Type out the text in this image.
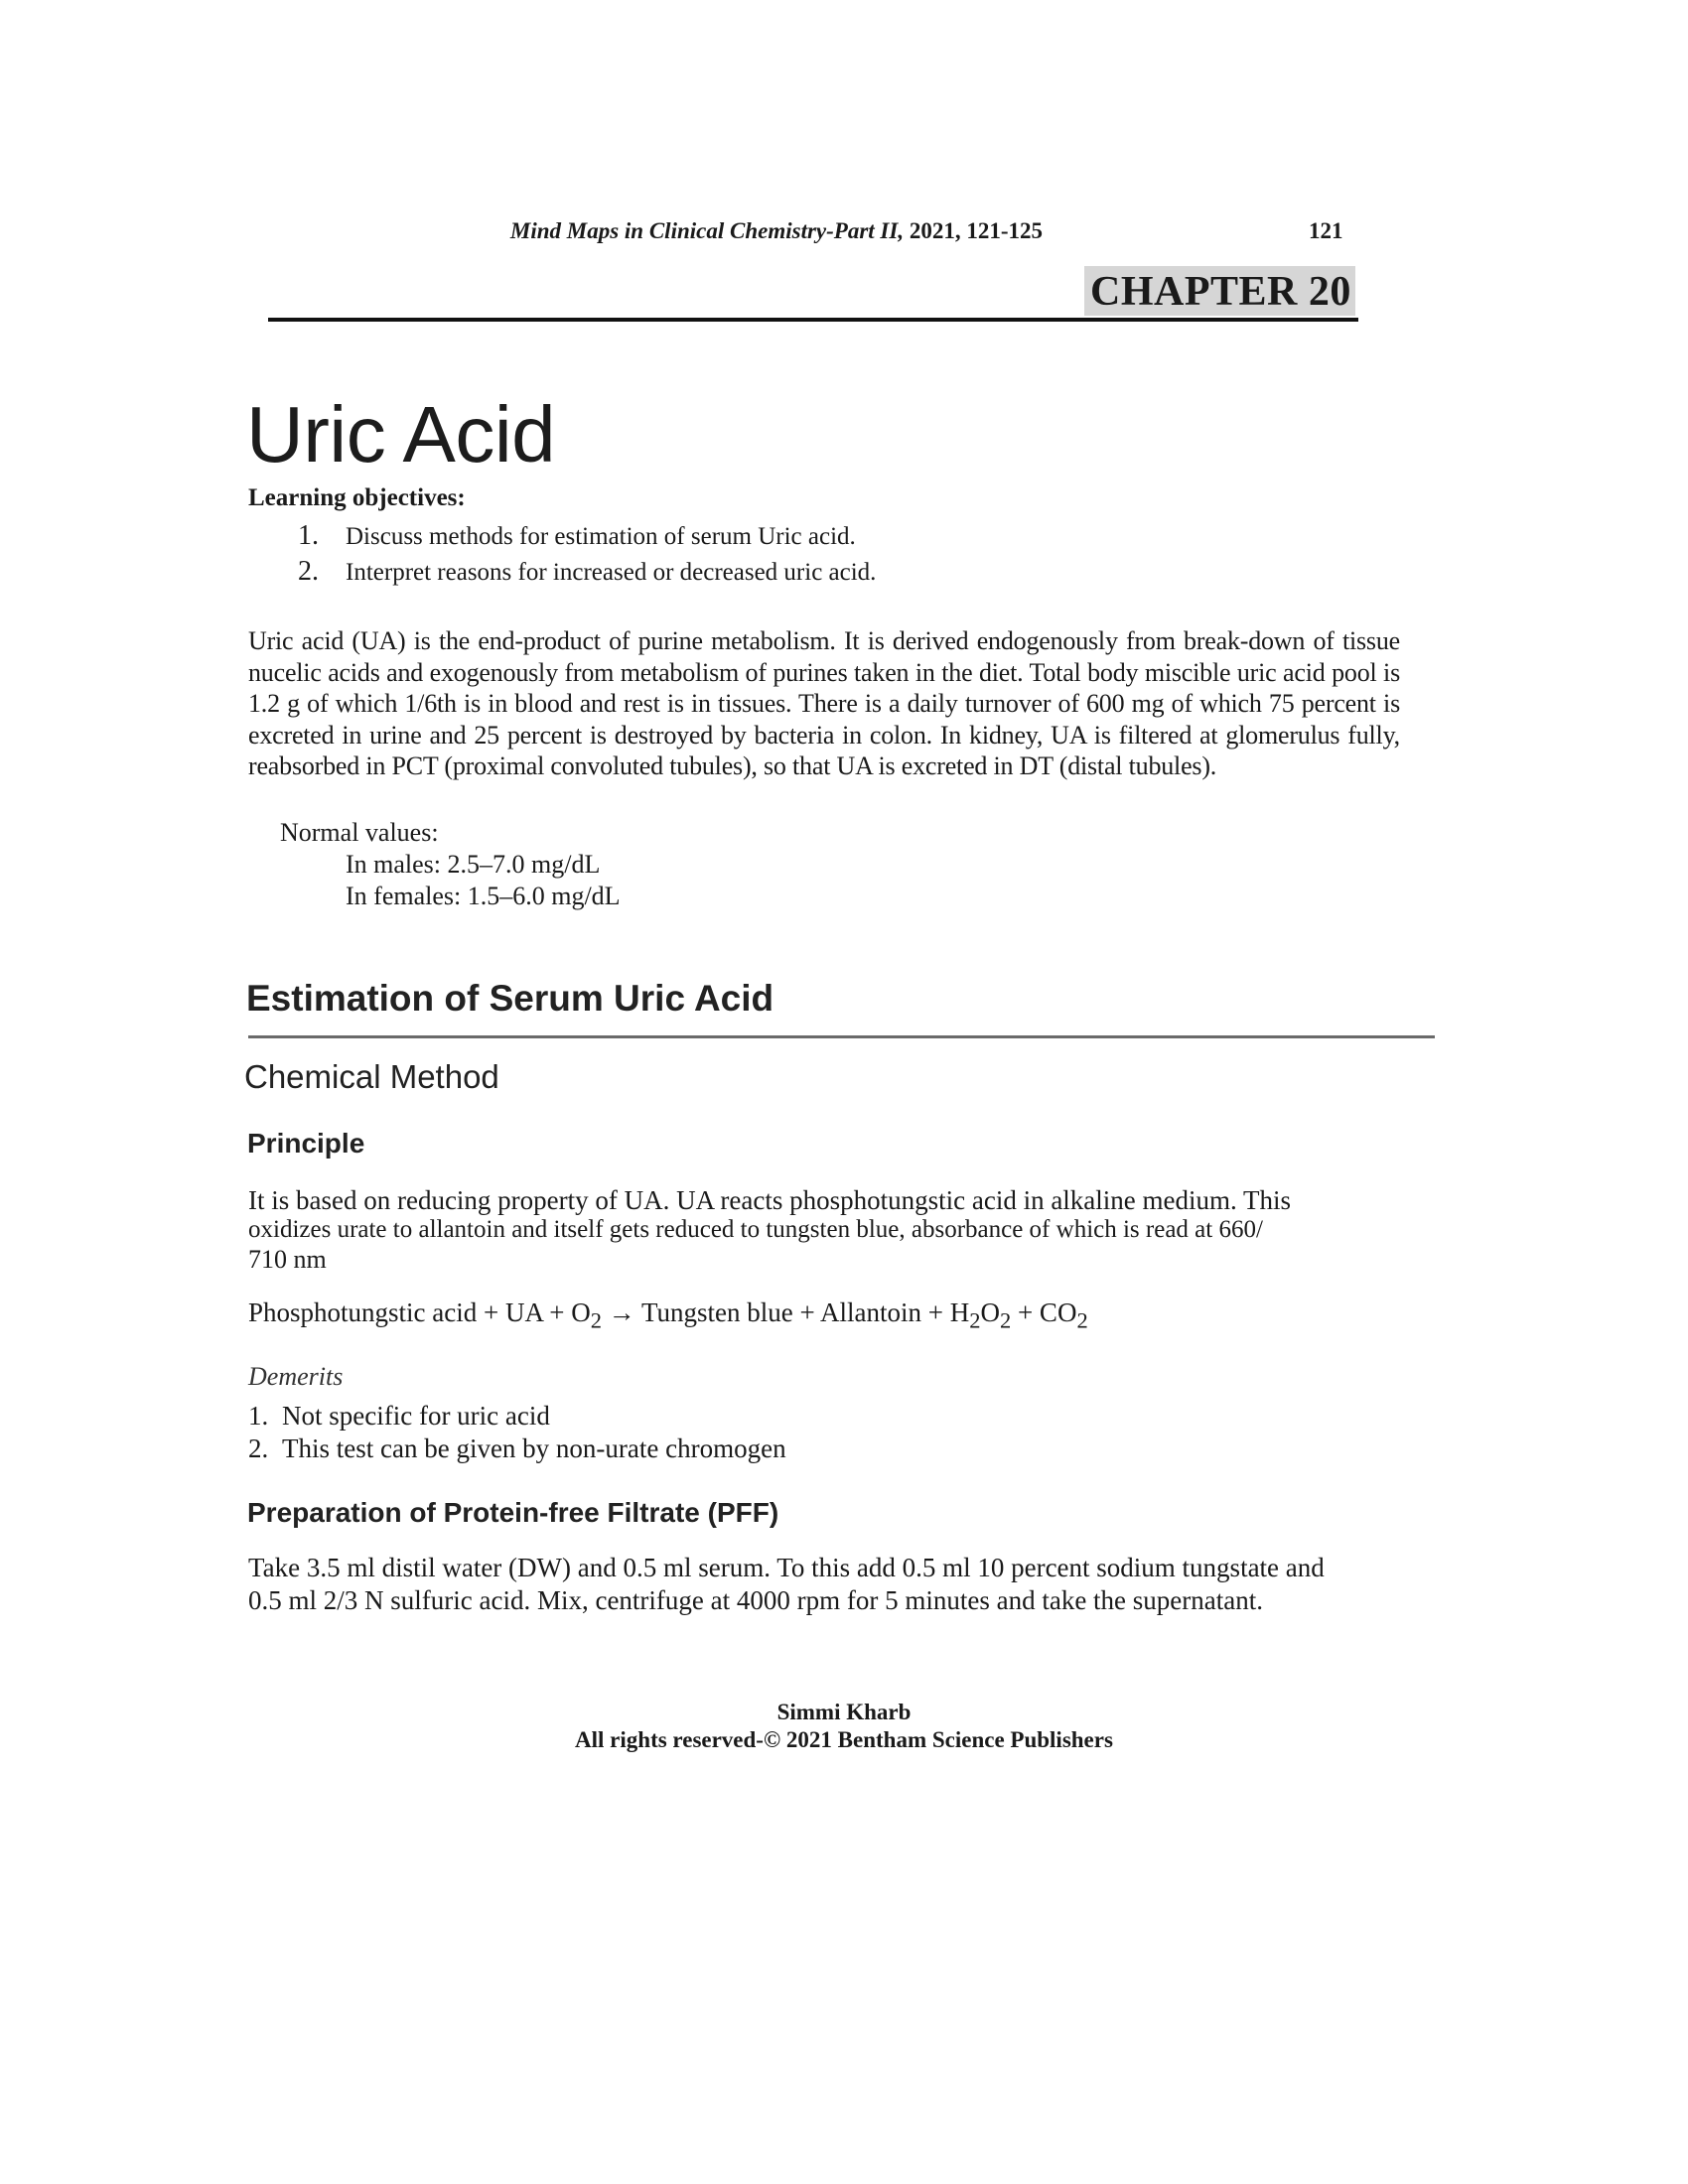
Mind Maps in Clinical Chemistry-Part II, 2021, 121-125	121
CHAPTER 20
Uric Acid
Learning objectives:
1. Discuss methods for estimation of serum Uric acid.
2. Interpret reasons for increased or decreased uric acid.
Uric acid (UA) is the end-product of purine metabolism. It is derived endogenously from break-down of tissue nucelic acids and exogenously from metabolism of purines taken in the diet. Total body miscible uric acid pool is 1.2 g of which 1/6th is in blood and rest is in tissues. There is a daily turnover of 600 mg of which 75 percent is excreted in urine and 25 percent is destroyed by bacteria in colon. In kidney, UA is filtered at glomerulus fully, reabsorbed in PCT (proximal convoluted tubules), so that UA is excreted in DT (distal tubules).
Normal values:
In males: 2.5–7.0 mg/dL
In females: 1.5–6.0 mg/dL
Estimation of Serum Uric Acid
Chemical Method
Principle
It is based on reducing property of UA. UA reacts phosphotungstic acid in alkaline medium. This
oxidizes urate to allantoin and itself gets reduced to tungsten blue, absorbance of which is read at 660/
710 nm
Phosphotungstic acid + UA + $O_2$ → Tungsten blue + Allantoin + $H_2O_2 + CO_2$
Demerits
1. Not specific for uric acid
2. This test can be given by non-urate chromogen
Preparation of Protein-free Filtrate (PFF)
Take 3.5 ml distil water (DW) and 0.5 ml serum. To this add 0.5 ml 10 percent sodium tungstate and
0.5 ml 2/3 N sulfuric acid. Mix, centrifuge at 4000 rpm for 5 minutes and take the supernatant.
Simmi Kharb
All rights reserved-© 2021 Bentham Science Publishers
